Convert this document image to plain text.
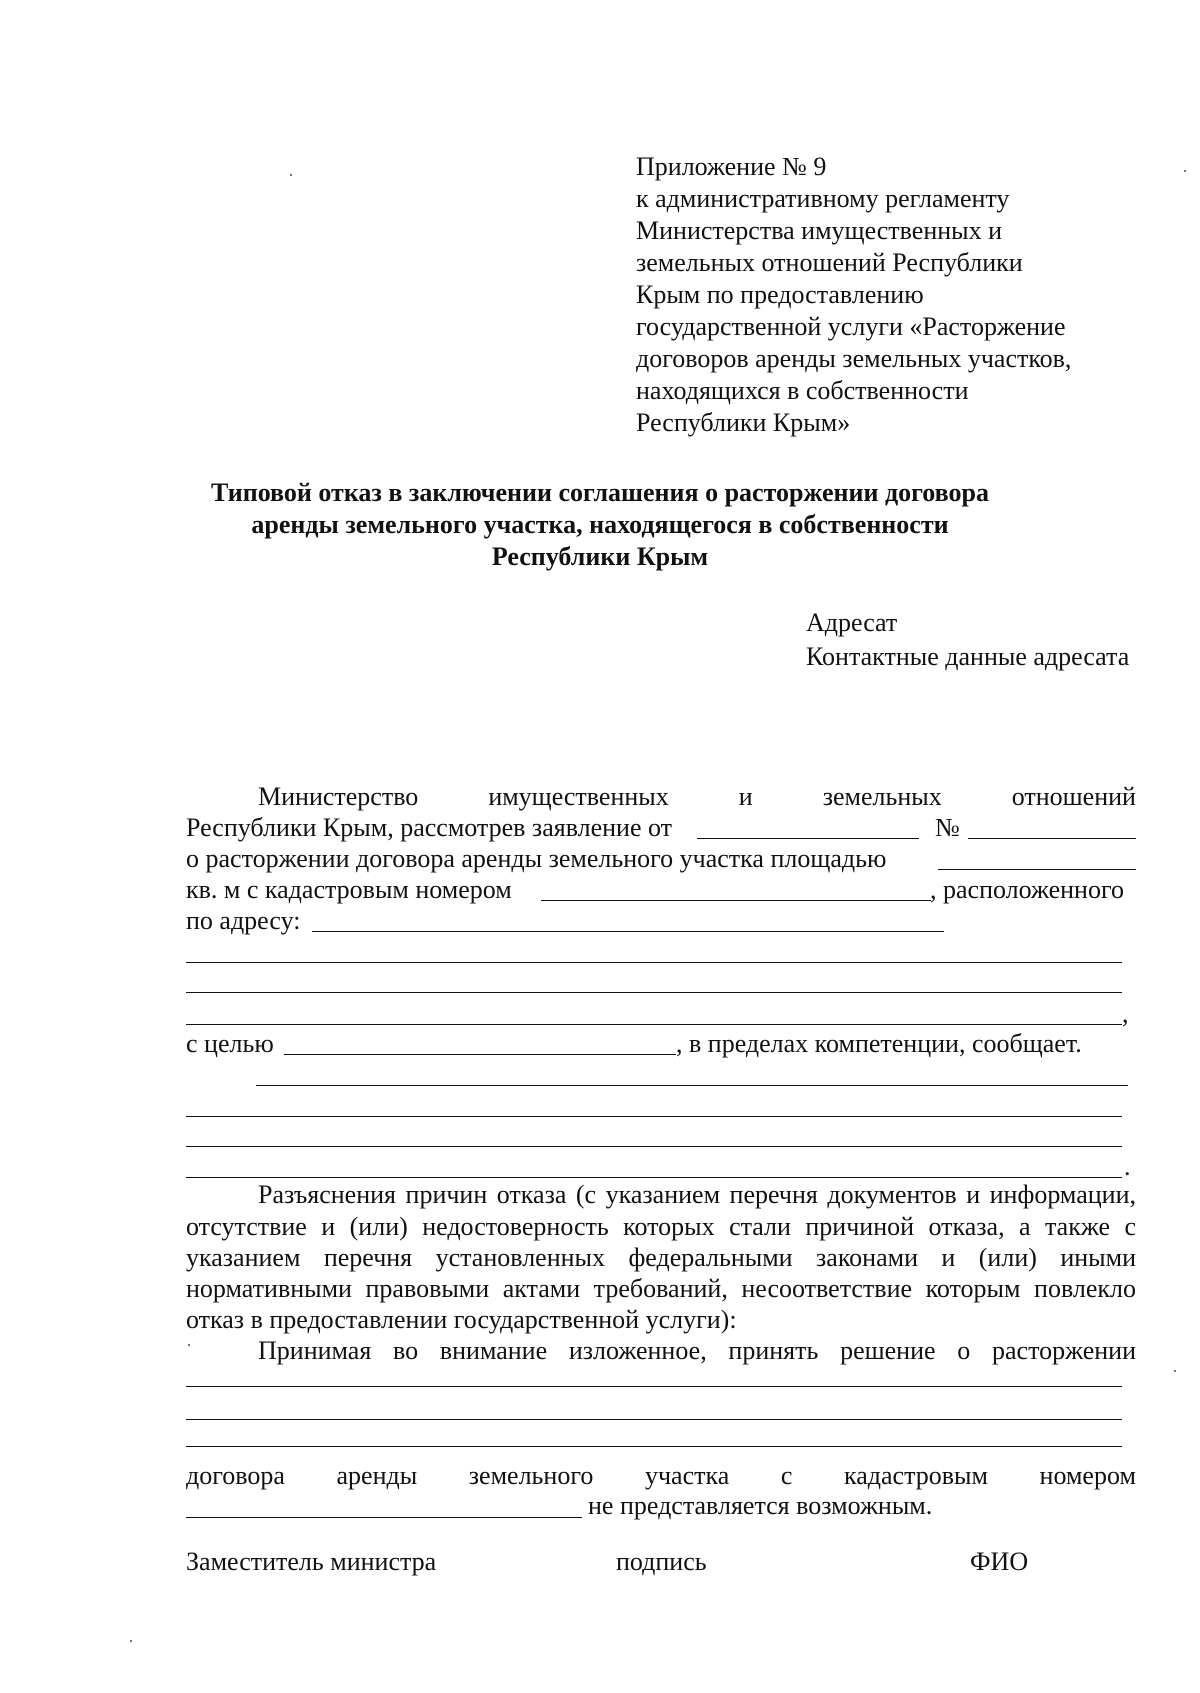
Приложение № 9
к административному регламенту
Министерства имущественных и
земельных отношений Республики
Крым по предоставлению
государственной услуги «Расторжение
договоров аренды земельных участков,
находящихся в собственности
Республики Крым»
Типовой отказ в заключении соглашения о расторжении договора
аренды земельного участка, находящегося в собственности
Республики Крым
Адресат
Контактные данные адресата
Министерство	имущественных	и	земельных	отношений
Республики Крым, рассмотрев заявление от	№
о расторжении договора аренды земельного участка площадью
кв. м с кадастровым номером	, расположенного
по адресу:
,
с целью	, в пределах компетенции, сообщает.
.
Разъяснения причин отказа (с указанием перечня документов и информации,
отсутствие и (или) недостоверность которых стали причиной отказа, а также с
указанием перечня установленных федеральными законами и (или) иными
нормативными правовыми актами требований, несоответствие которым повлекло
отказ в предоставлении государственной услуги):
Принимая во внимание изложенное, принять решение о расторжении
договора аренды земельного участка с кадастровым номером
не представляется возможным.
Заместитель министра	подпись	ФИО
